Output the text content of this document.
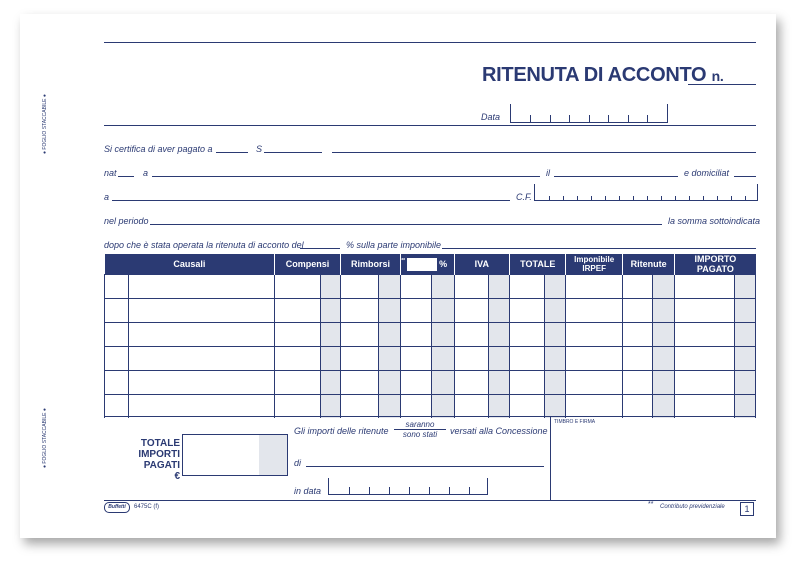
● FOGLIO STACCABILE ●
● FOGLIO STACCABILE ●
RITENUTA DI ACCONTO n.
Data
Si certifica di aver pagato a	S
nat	a	il	e domiciliat
a	C.F.
nel periodo	la somma sottoindicata
dopo che è stata operata la ritenuta di acconto del	% sulla parte imponibile
Causali		Compensi		Rimborsi		** %		IVA		TOTALE		Imponibile IRPEF	Ritenute		IMPORTO PAGATO	

TOTALE
IMPORTI PAGATI
€
Gli importi delle ritenute
saranno
sono stati	versati alla Concessione
di
in data
TIMBRO E FIRMA
Buffetti	6475C (f)	** Contributo previdenziale	1
